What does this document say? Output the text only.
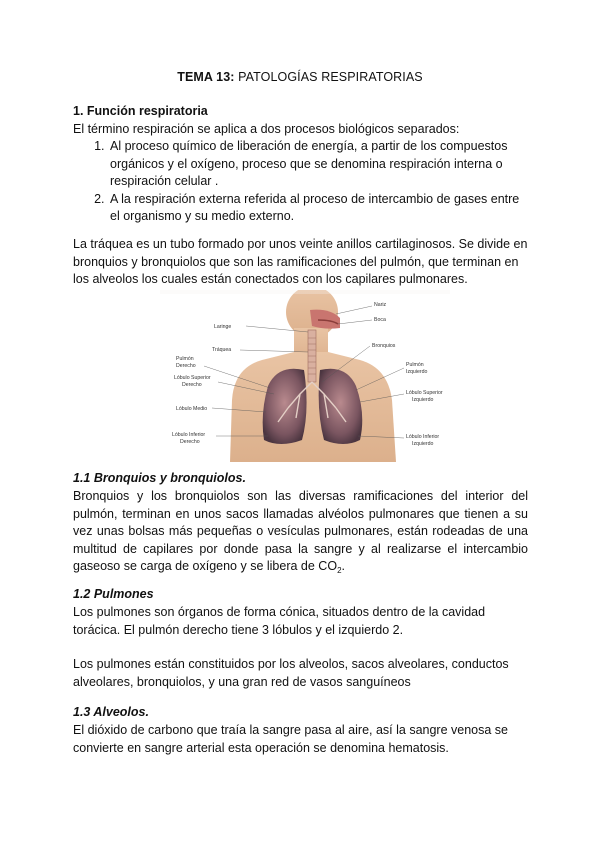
TEMA 13: PATOLOGÍAS RESPIRATORIAS
1. Función respiratoria

El término respiración se aplica a dos procesos biológicos separados:

1. Al proceso químico de liberación de energía, a partir de los compuestos orgánicos y el oxígeno, proceso que se denomina respiración interna o respiración celular .
2. A la respiración externa referida al proceso de intercambio de gases entre el organismo y su medio externo.

La tráquea es un tubo formado por unos veinte anillos cartilaginosos. Se divide en bronquios y bronquiolos que son las ramificaciones del pulmón, que terminan en los alveolos los cuales están conectados con los capilares pulmonares.

Nariz
Boca
Laringe
Tráquea
Bronquios
Pulmón
Derecho	Pulmón
Izquierdo
Lóbulo Superior
Derecho
Lóbulo Superior
Izquierdo
Lóbulo Medio
Lóbulo Inferior
Derecho
Lóbulo Inferior
Izquierdo
1.1 Bronquios y bronquiolos.

Bronquios y los bronquiolos son las diversas ramificaciones del interior del pulmón, terminan en unos sacos llamadas alvéolos pulmonares que tienen a su vez unas bolsas más pequeñas o vesículas pulmonares, están rodeadas de una multitud de capilares por donde pasa la sangre y al realizarse el intercambio gaseoso se carga de oxígeno y se libera de $CO_2$.

1.2 Pulmones

Los pulmones son órganos de forma cónica, situados dentro de la cavidad torácica. El pulmón derecho tiene 3 lóbulos y el izquierdo 2.

Los pulmones están constituidos por los alveolos, sacos alveolares, conductos alveolares, bronquiolos, y una gran red de vasos sanguíneos

1.3 Alveolos.

El dióxido de carbono que traía la sangre pasa al aire, así la sangre venosa se convierte en sangre arterial esta operación se denomina hematosis.
